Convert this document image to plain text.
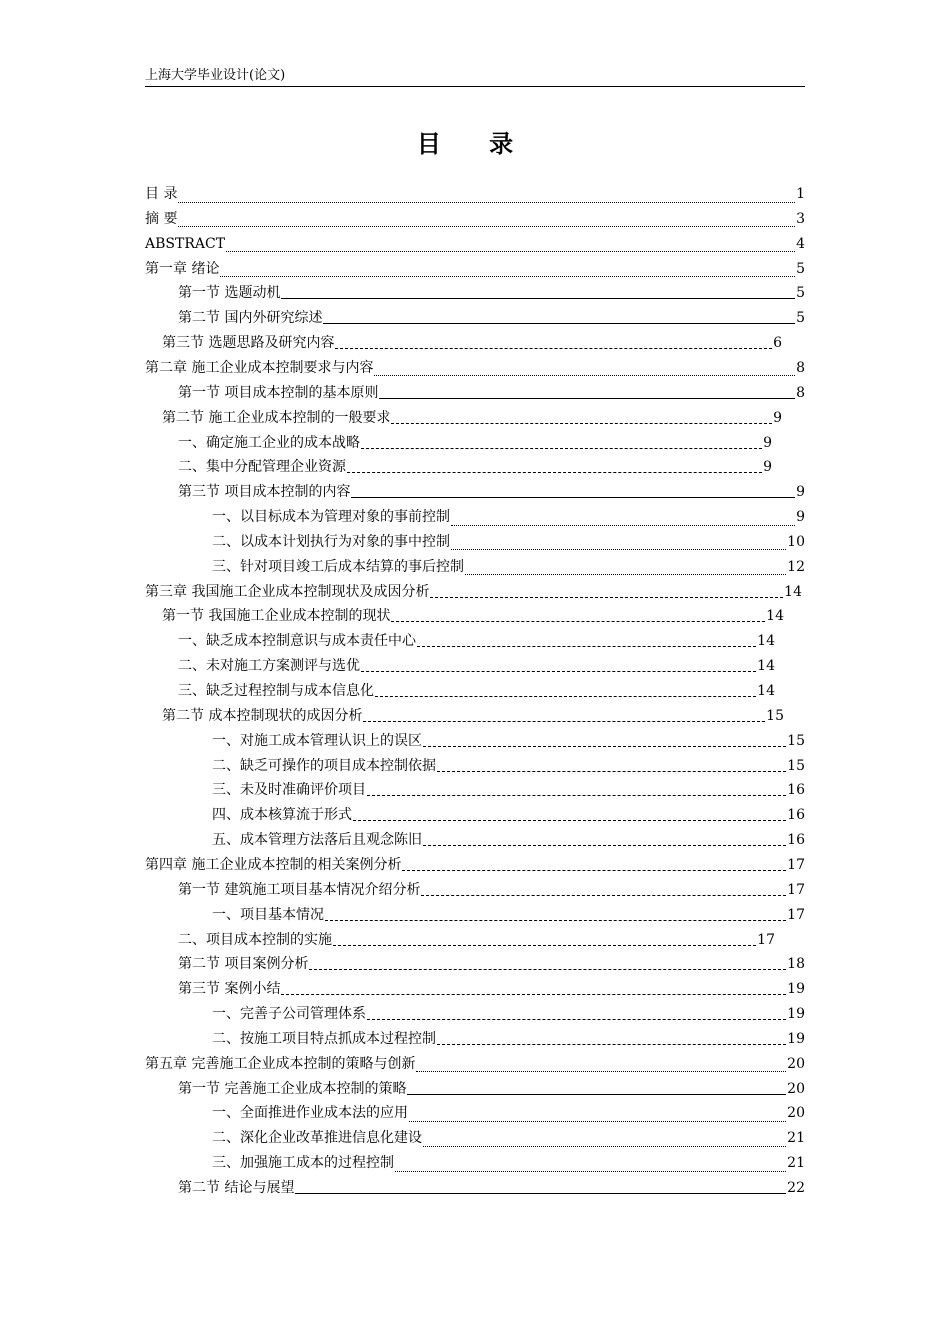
上海大学毕业设计(论文)
目 录
目 录	1
摘 要	3
ABSTRACT	4
第一章 绪论	5
第一节 选题动机	5
第二节 国内外研究综述	5
第三节 选题思路及研究内容	6
第二章 施工企业成本控制要求与内容	8
第一节 项目成本控制的基本原则	8
第二节 施工企业成本控制的一般要求	9
一、确定施工企业的成本战略	9
二、集中分配管理企业资源	9
第三节 项目成本控制的内容	9
一、以目标成本为管理对象的事前控制	9
二、以成本计划执行为对象的事中控制	10
三、针对项目竣工后成本结算的事后控制	12
第三章 我国施工企业成本控制现状及成因分析	14
第一节 我国施工企业成本控制的现状	14
一、缺乏成本控制意识与成本责任中心	14
二、未对施工方案测评与选优	14
三、缺乏过程控制与成本信息化	14
第二节 成本控制现状的成因分析	15
一、对施工成本管理认识上的误区	15
二、缺乏可操作的项目成本控制依据	15
三、未及时准确评价项目	16
四、成本核算流于形式	16
五、成本管理方法落后且观念陈旧	16
第四章 施工企业成本控制的相关案例分析	17
第一节 建筑施工项目基本情况介绍分析	17
一、项目基本情况	17
二、项目成本控制的实施	17
第二节 项目案例分析	18
第三节 案例小结	19
一、完善子公司管理体系	19
二、按施工项目特点抓成本过程控制	19
第五章 完善施工企业成本控制的策略与创新	20
第一节 完善施工企业成本控制的策略	20
一、全面推进作业成本法的应用	20
二、深化企业改革推进信息化建设	21
三、加强施工成本的过程控制	21
第二节 结论与展望	22
